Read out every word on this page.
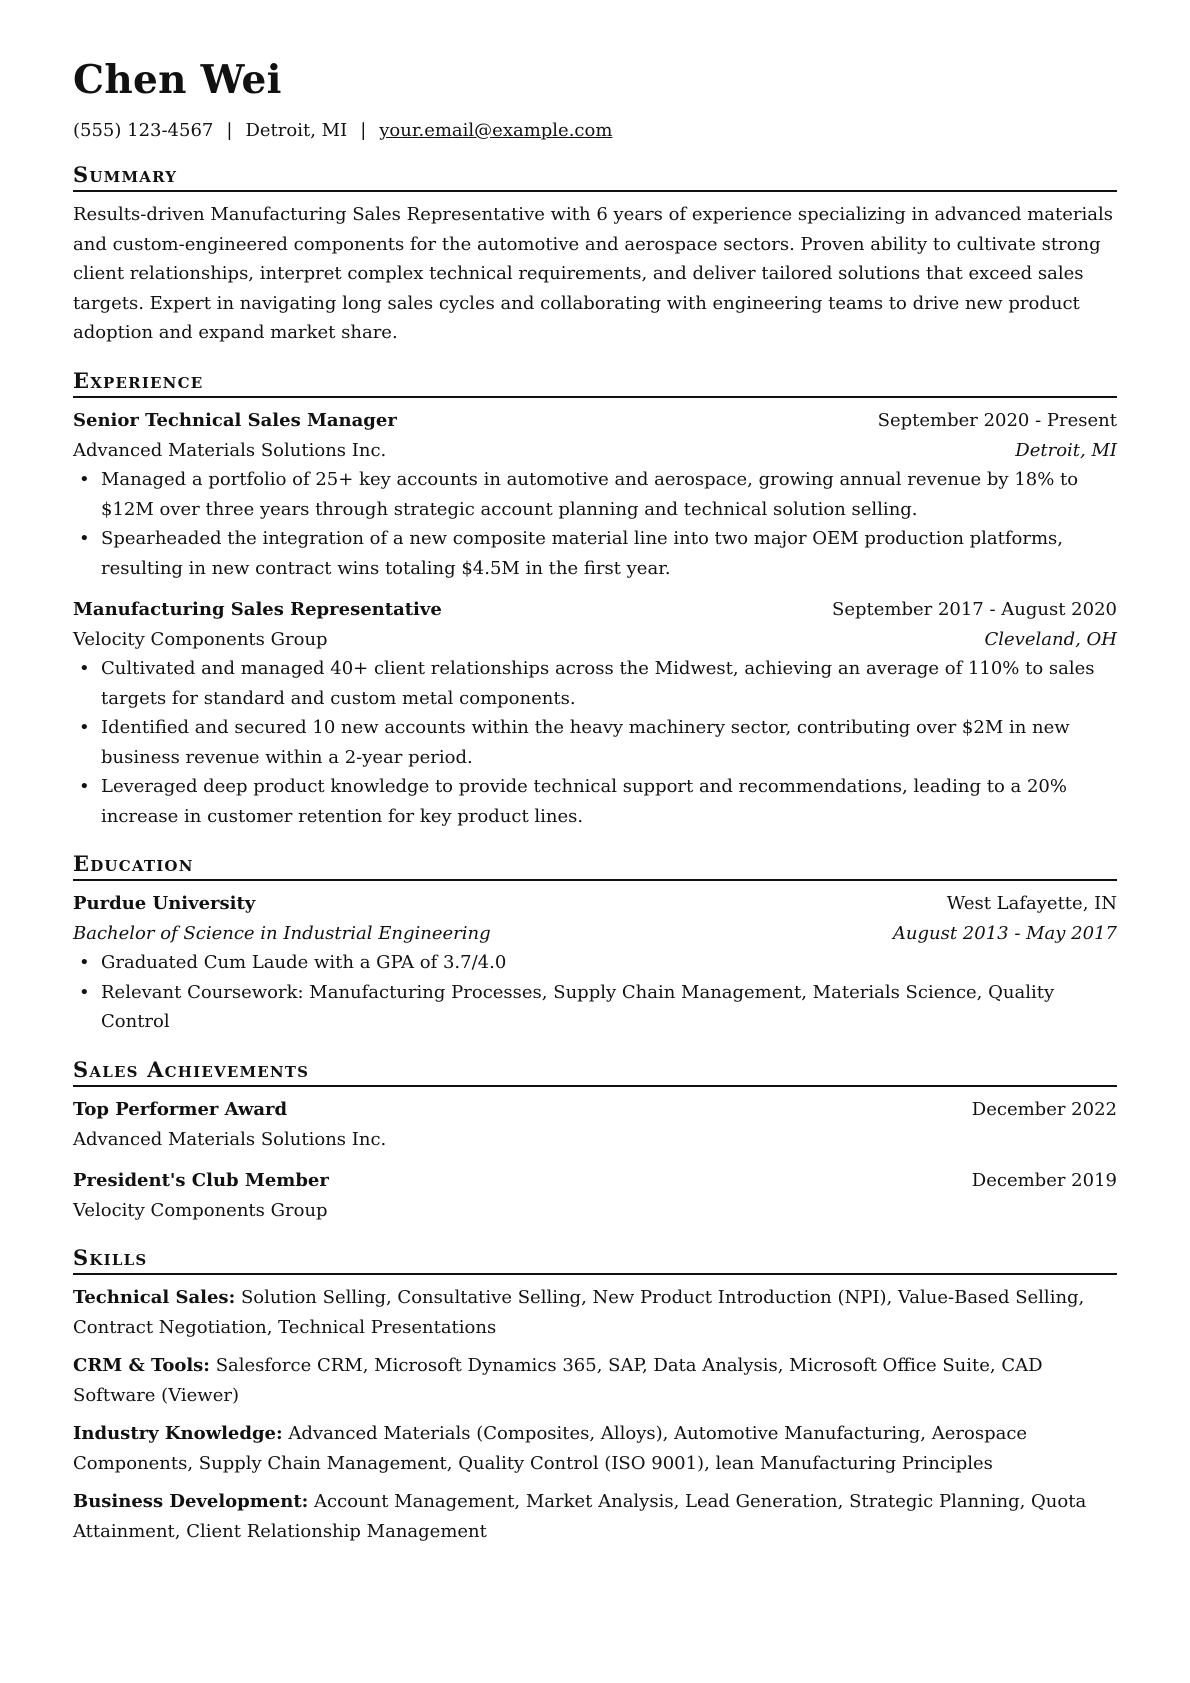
Chen Wei
(555) 123-4567 | Detroit, MI | your.email@example.com
Summary

Results-driven Manufacturing Sales Representative with 6 years of experience specializing in advanced materials and custom-engineered components for the automotive and aerospace sectors. Proven ability to cultivate strong client relationships, interpret complex technical requirements, and deliver tailored solutions that exceed sales targets. Expert in navigating long sales cycles and collaborating with engineering teams to drive new product adoption and expand market share.

Experience
Senior Technical Sales Manager	September 2020 - Present
Advanced Materials Solutions Inc.	Detroit, MI
• Managed a portfolio of 25+ key accounts in automotive and aerospace, growing annual revenue by 18% to $12M over three years through strategic account planning and technical solution selling.
• Spearheaded the integration of a new composite material line into two major OEM production platforms, resulting in new contract wins totaling $4.5M in the first year.
Manufacturing Sales Representative	September 2017 - August 2020
Velocity Components Group	Cleveland, OH
• Cultivated and managed 40+ client relationships across the Midwest, achieving an average of 110% to sales targets for standard and custom metal components.
• Identified and secured 10 new accounts within the heavy machinery sector, contributing over $2M in new business revenue within a 2-year period.
• Leveraged deep product knowledge to provide technical support and recommendations, leading to a 20% increase in customer retention for key product lines.
Education
Purdue University	West Lafayette, IN
Bachelor of Science in Industrial Engineering	August 2013 - May 2017
• Graduated Cum Laude with a GPA of 3.7/4.0
• Relevant Coursework: Manufacturing Processes, Supply Chain Management, Materials Science, Quality Control
Sales Achievements
Top Performer Award	December 2022
Advanced Materials Solutions Inc.
President's Club Member	December 2019
Velocity Components Group
Skills
Technical Sales: Solution Selling, Consultative Selling, New Product Introduction (NPI), Value-Based Selling, Contract Negotiation, Technical Presentations
CRM & Tools: Salesforce CRM, Microsoft Dynamics 365, SAP, Data Analysis, Microsoft Office Suite, CAD Software (Viewer)
Industry Knowledge: Advanced Materials (Composites, Alloys), Automotive Manufacturing, Aerospace Components, Supply Chain Management, Quality Control (ISO 9001), lean Manufacturing Principles
Business Development: Account Management, Market Analysis, Lead Generation, Strategic Planning, Quota Attainment, Client Relationship Management
